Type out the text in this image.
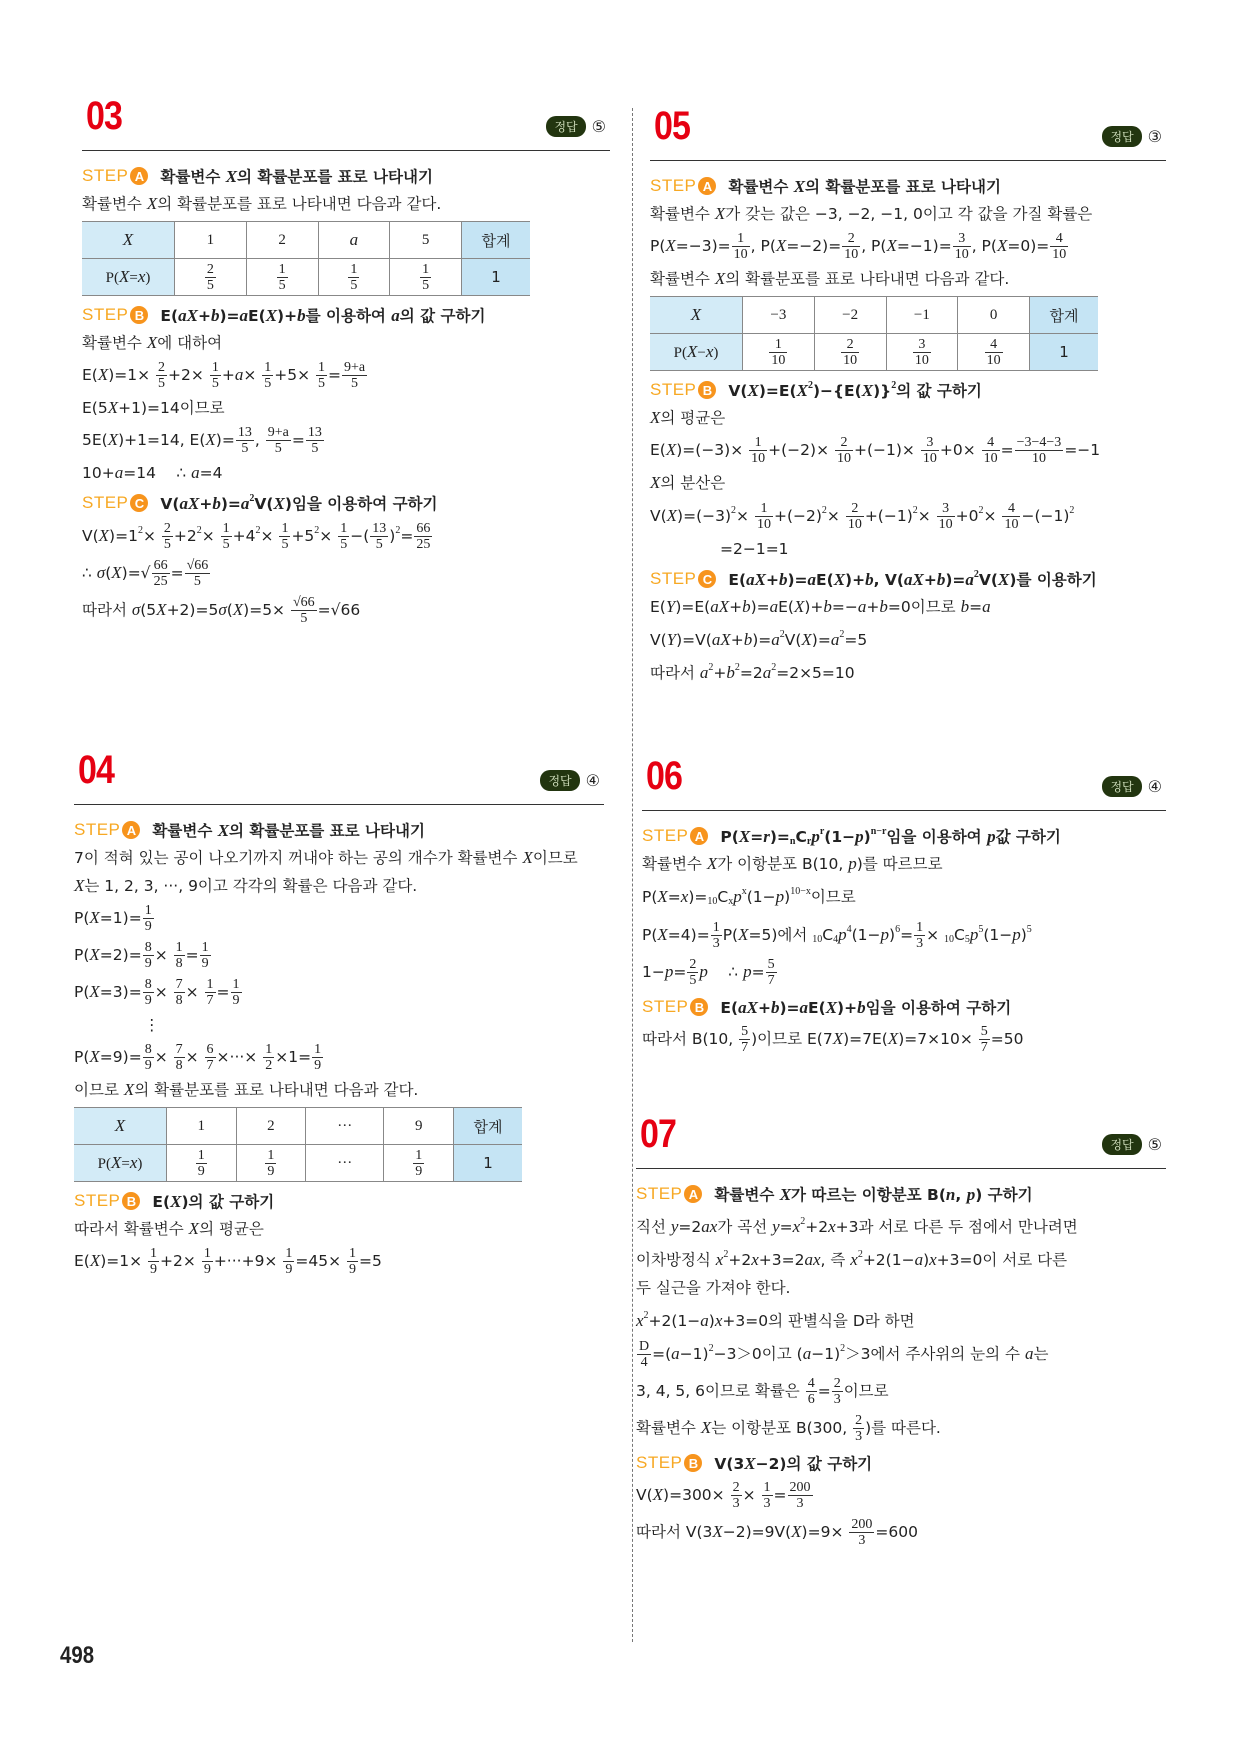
03	정답 ⑤
STEP A 확률변수 X의 확률분포를 표로 나타내기
확률변수 X의 확률분포를 표로 나타내면 다음과 같다.
X	1	2	a	5	합계
P(X=x)	$\frac{2}{5}$	$\frac{1}{5}$	$\frac{1}{5}$	$\frac{1}{5}$	1
STEP B E(aX+b)=aE(X)+b를 이용하여 a의 값 구하기
확률변수 X에 대하여
$E(X)=1\times \frac{2}{5} +2\times \frac{1}{5} +a\times \frac{1}{5} +5\times \frac{1}{5} = \frac{9+a}{5}$
E(5X+1)=14이므로
5E(X)+1=14, $E(X)= \frac{13}{5}$ , $\frac{9+a}{5} = \frac{13}{5}$
10+a=14　 ∴ a=4
STEP C $V(aX+b)=a^2V(X)$임을 이용하여 구하기
$V(X)=1^2\times \frac{2}{5} +2^2\times \frac{1}{5} +4^2\times \frac{1}{5} +5^2\times \frac{1}{5}$ −( $\frac{13}{5} )^2= \frac{66}{25}$
∴ $\sigma(X)=√ \frac{66}{25} = \frac{√66}{5}$
따라서 $\sigma(5X+2)=5\sigma(X)=5\times \frac{√66}{5} =√66$
04	정답 ④
STEP A 확률변수 X의 확률분포를 표로 나타내기
7이 적혀 있는 공이 나오기까지 꺼내야 하는 공의 개수가 확률변수 X이므로
X는 1, 2, 3, ···, 9이고 각각의 확률은 다음과 같다.
$P(X=1)= \frac{1}{9}$
$P(X=2)= \frac{8}{9} \times \frac{1}{8} = \frac{1}{9}$
$P(X=3)= \frac{8}{9} \times \frac{7}{8} \times \frac{1}{7} = \frac{1}{9}$
⋮
$P(X=9)= \frac{8}{9} \times \frac{7}{8} \times \frac{6}{7}$ ×···× $\frac{1}{2} \times 1= \frac{1}{9}$
이므로 X의 확률분포를 표로 나타내면 다음과 같다.
X	1	2	···	9	합계
P(X=x)	$\frac{1}{9}$	$\frac{1}{9}$	···	$\frac{1}{9}$	1
STEP B E(X)의 값 구하기
따라서 확률변수 X의 평균은
$E(X)=1\times \frac{1}{9} +2\times \frac{1}{9} +\cdot\cdot\cdot+9\times \frac{1}{9} =45\times \frac{1}{9} =5$
05	정답 ③
STEP A 확률변수 X의 확률분포를 표로 나타내기
확률변수 X가 갖는 값은 −3, −2, −1, 0이고 각 값을 가질 확률은
$P(X=-3)= \frac{1}{10}$ , $P(X=-2)= \frac{2}{10}$ , $P(X=-1)= \frac{3}{10}$ , $P(X=0)= \frac{4}{10}$
확률변수 X의 확률분포를 표로 나타내면 다음과 같다.
X	−3	−2	−1	0	합계
P(X−x)	$\frac{1}{10}$	$\frac{2}{10}$	$\frac{3}{10}$	$\frac{4}{10}$	1
STEP B $V(X)=E(X^2)-\{E(X)\}^2$의 값 구하기
X의 평균은
$E(X)=(-3)\times \frac{1}{10} +(-2)\times \frac{2}{10} +(-1)\times \frac{3}{10} +0\times \frac{4}{10} = \frac{-3-4-3}{10} =-1$
X의 분산은
$V(X)=(-3)^2\times \frac{1}{10} +(-2)^2\times \frac{2}{10} +(-1)^2\times \frac{3}{10} +0^2\times \frac{4}{10} -(-1)^2$
=2−1=1
STEP C E(aX+b)=aE(X)+b, $V(aX+b)=a^2V(X)$를 이용하기
E(Y)=E(aX+b)=aE(X)+b=−a+b=0이므로 b=a
$V(Y)=V(aX+b)=a^2V(X)=a^2=5$
따라서 $a^2+b^2=2a^2=2\times 5=10$
06	정답 ④
STEP A $P(X=r)=_nC_rp^r(1-p)^{n-r}$임을 이용하여 p값 구하기
확률변수 X가 이항분포 B(10, p)를 따르므로
$P(X=x)=_{10}C_xp^x(1-p)^{10-x}$이므로
$P(X=4)= \frac{1}{3} P(X=5)$에서 $_{10}C_4p^4(1-p)^6= \frac{1}{3} \times _{10}C_5p^5(1-p)^5$
$1-p= \frac{2}{5}$ p　 ∴ $p= \frac{5}{7}$
STEP B E(aX+b)=aE(X)+b임을 이용하여 구하기
따라서 B(10, $\frac{5}{7}$ )이므로 $E(7X)=7E(X)=7\times 10\times \frac{5}{7} =50$
07	정답 ⑤
STEP A 확률변수 X가 따르는 이항분포 B(n, p) 구하기
직선 y=2ax가 곡선 $y=x^2+2x+3$과 서로 다른 두 점에서 만나려면
이차방정식 $x^2+2x+3=2ax$, 즉 $x^2+2(1-a)x+3=0$이 서로 다른
두 실근을 가져야 한다.
$x^2+2(1-a)x+3=0$의 판별식을 D라 하면
$\frac{D}{4} =(a-1)^2-3>0$이고 $(a-1)^2>3$에서 주사위의 눈의 수 a는
3, 4, 5, 6이므로 확률은 $\frac{4}{6} = \frac{2}{3}$ 이므로
확률변수 X는 이항분포 B(300, $\frac{2}{3}$ )를 따른다.
STEP B V(3X−2)의 값 구하기
$V(X)=300\times \frac{2}{3} \times \frac{1}{3} = \frac{200}{3}$
따라서 $V(3X-2)=9V(X)=9\times \frac{200}{3} =600$
498
